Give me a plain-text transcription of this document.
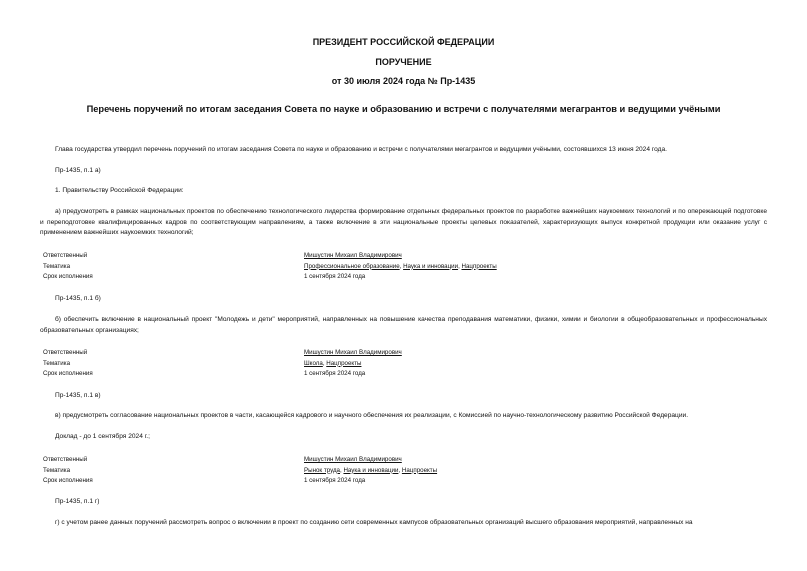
ПРЕЗИДЕНТ РОССИЙСКОЙ ФЕДЕРАЦИИ
ПОРУЧЕНИЕ
от 30 июля 2024 года № Пр-1435
Перечень поручений по итогам заседания Совета по науке и образованию и встречи с получателями мегагрантов и ведущими учёными
Глава государства утвердил перечень поручений по итогам заседания Совета по науке и образованию и встречи с получателями мегагрантов и ведущими учёными, состоявшихся 13 июня 2024 года.
Пр-1435, п.1 а)
1. Правительству Российской Федерации:
а) предусмотреть в рамках национальных проектов по обеспечению технологического лидерства формирование отдельных федеральных проектов по разработке важнейших наукоемких технологий и по опережающей подготовке и переподготовке квалифицированных кадров по соответствующим направлениям, а также включение в эти национальные проекты целевых показателей, характеризующих выпуск конкретной продукции или оказание услуг с применением важнейших наукоемких технологий;
Ответственный	Мишустин Михаил Владимирович
Тематика	Профессиональное образование, Наука и инновации, Нацпроекты
Срок исполнения	1 сентября 2024 года
Пр-1435, п.1 б)
б) обеспечить включение в национальный проект "Молодежь и дети" мероприятий, направленных на повышение качества преподавания математики, физики, химии и биологии в общеобразовательных и профессиональных образовательных организациях;
Ответственный	Мишустин Михаил Владимирович
Тематика	Школа, Нацпроекты
Срок исполнения	1 сентября 2024 года
Пр-1435, п.1 в)
в) предусмотреть согласование национальных проектов в части, касающейся кадрового и научного обеспечения их реализации, с Комиссией по научно-технологическому развитию Российской Федерации.
Доклад - до 1 сентября 2024 г.;
Ответственный	Мишустин Михаил Владимирович
Тематика	Рынок труда, Наука и инновации, Нацпроекты
Срок исполнения	1 сентября 2024 года
Пр-1435, п.1 г)
г) с учетом ранее данных поручений рассмотреть вопрос о включении в проект по созданию сети современных кампусов образовательных организаций высшего образования мероприятий, направленных на
